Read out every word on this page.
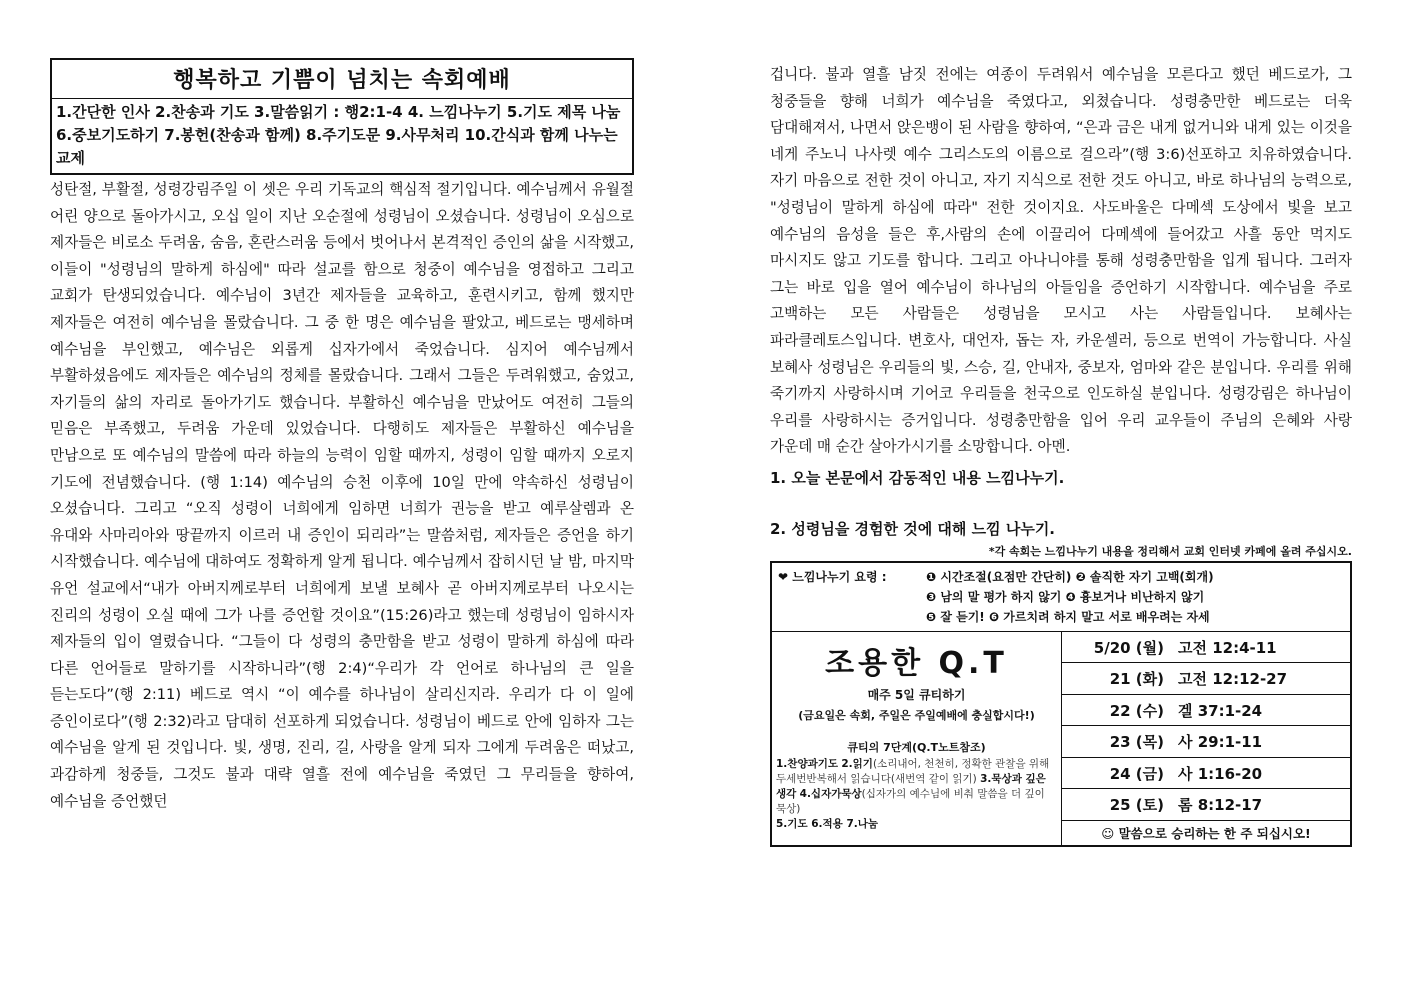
행복하고 기쁨이 넘치는 속회예배
1.간단한 인사 2.찬송과 기도 3.말씀읽기 : 행2:1-4 4. 느낌나누기 5.기도 제목 나눔 6.중보기도하기 7.봉헌(찬송과 함께) 8.주기도문 9.사무처리 10.간식과 함께 나누는 교제

성탄절, 부활절, 성령강림주일 이 셋은 우리 기독교의 핵심적 절기입니다. 예수님께서 유월절 어린 양으로 돌아가시고, 오십 일이 지난 오순절에 성령님이 오셨습니다. 성령님이 오심으로 제자들은 비로소 두려움, 숨음, 혼란스러움 등에서 벗어나서 본격적인 증인의 삶을 시작했고, 이들이 "성령님의 말하게 하심에" 따라 설교를 함으로 청중이 예수님을 영접하고 그리고 교회가 탄생되었습니다. 예수님이 3년간 제자들을 교육하고, 훈련시키고, 함께 했지만 제자들은 여전히 예수님을 몰랐습니다. 그 중 한 명은 예수님을 팔았고, 베드로는 맹세하며 예수님을 부인했고, 예수님은 외롭게 십자가에서 죽었습니다. 심지어 예수님께서 부활하셨음에도 제자들은 예수님의 정체를 몰랐습니다. 그래서 그들은 두려워했고, 숨었고, 자기들의 삶의 자리로 돌아가기도 했습니다. 부활하신 예수님을 만났어도 여전히 그들의 믿음은 부족했고, 두려움 가운데 있었습니다. 다행히도 제자들은 부활하신 예수님을 만남으로 또 예수님의 말씀에 따라 하늘의 능력이 임할 때까지, 성령이 임할 때까지 오로지 기도에 전념했습니다. (행 1:14) 예수님의 승천 이후에 10일 만에 약속하신 성령님이 오셨습니다. 그리고 “오직 성령이 너희에게 임하면 너희가 권능을 받고 예루살렘과 온 유대와 사마리아와 땅끝까지 이르러 내 증인이 되리라”는 말씀처럼, 제자들은 증언을 하기 시작했습니다. 예수님에 대하여도 정확하게 알게 됩니다. 예수님께서 잡히시던 날 밤, 마지막 유언 설교에서“내가 아버지께로부터 너희에게 보낼 보혜사 곧 아버지께로부터 나오시는 진리의 성령이 오실 때에 그가 나를 증언할 것이요”(15:26)라고 했는데 성령님이 임하시자 제자들의 입이 열렸습니다. “그들이 다 성령의 충만함을 받고 성령이 말하게 하심에 따라 다른 언어들로 말하기를 시작하니라”(행 2:4)“우리가 각 언어로 하나님의 큰 일을 듣는도다”(행 2:11) 베드로 역시 “이 예수를 하나님이 살리신지라. 우리가 다 이 일에 증인이로다”(행 2:32)라고 담대히 선포하게 되었습니다. 성령님이 베드로 안에 임하자 그는 예수님을 알게 된 것입니다. 빛, 생명, 진리, 길, 사랑을 알게 되자 그에게 두려움은 떠났고, 과감하게 청중들, 그것도 불과 대략 열흘 전에 예수님을 죽였던 그 무리들을 향하여, 예수님을 증언했던

겁니다. 불과 열흘 남짓 전에는 여종이 두려워서 예수님을 모른다고 했던 베드로가, 그 청중들을 향해 너희가 예수님을 죽였다고, 외쳤습니다. 성령충만한 베드로는 더욱 담대해져서, 나면서 앉은뱅이 된 사람을 향하여, “은과 금은 내게 없거니와 내게 있는 이것을 네게 주노니 나사렛 예수 그리스도의 이름으로 걸으라”(행 3:6)선포하고 치유하였습니다. 자기 마음으로 전한 것이 아니고, 자기 지식으로 전한 것도 아니고, 바로 하나님의 능력으로, "성령님이 말하게 하심에 따라" 전한 것이지요. 사도바울은 다메섹 도상에서 빛을 보고 예수님의 음성을 들은 후,사람의 손에 이끌리어 다메섹에 들어갔고 사흘 동안 먹지도 마시지도 않고 기도를 합니다. 그리고 아나니야를 통해 성령충만함을 입게 됩니다. 그러자 그는 바로 입을 열어 예수님이 하나님의 아들임을 증언하기 시작합니다. 예수님을 주로 고백하는 모든 사람들은 성령님을 모시고 사는 사람들입니다. 보혜사는 파라클레토스입니다. 변호사, 대언자, 돕는 자, 카운셀러, 등으로 번역이 가능합니다. 사실 보혜사 성령님은 우리들의 빛, 스승, 길, 안내자, 중보자, 엄마와 같은 분입니다. 우리를 위해 죽기까지 사랑하시며 기어코 우리들을 천국으로 인도하실 분입니다. 성령강림은 하나님이 우리를 사랑하시는 증거입니다. 성령충만함을 입어 우리 교우들이 주님의 은혜와 사랑 가운데 매 순간 살아가시기를 소망합니다. 아멘.

1. 오늘 본문에서 감동적인 내용 느낌나누기.

2. 성령님을 경험한 것에 대해 느낌 나누기.

*각 속회는 느낌나누기 내용을 정리해서 교회 인터넷 카페에 올려 주십시오.

❤ 느낌나누기 요령 :	❶ 시간조절(요점만 간단히) ❷ 솔직한 자기 고백(회개)
❸ 남의 말 평가 하지 않기 ❹ 흉보거나 비난하지 않기
❺ 잘 듣기! ❻ 가르치려 하지 말고 서로 배우려는 자세
조용한 Q.T
매주 5일 큐티하기
(금요일은 속회, 주일은 주일예배에 충실합시다!)
큐티의 7단계(Q.T노트참조)

1.찬양과기도 2.읽기(소리내어, 천천히, 정확한 관찰을 위해 두세번반복해서 읽습니다(새번역 같이 읽기) 3.묵상과 깊은 생각 4.십자가묵상(십자가의 예수님에 비춰 말씀을 더 깊이 묵상)
5.기도 6.적용 7.나눔

5/20 (월) 고전 12:4-11
21 (화) 고전 12:12-27
22 (수) 겔 37:1-24
23 (목) 사 29:1-11
24 (금) 사 1:16-20
25 (토) 롬 8:12-17
☺ 말씀으로 승리하는 한 주 되십시오!
